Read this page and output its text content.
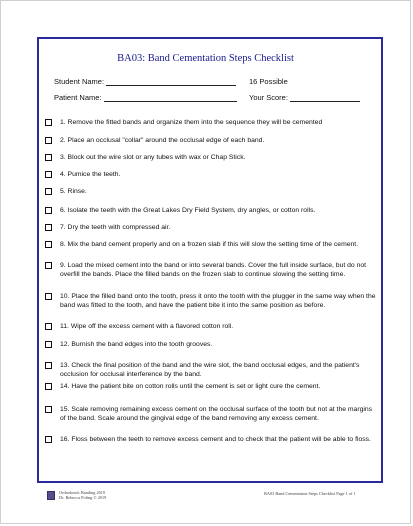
BA03: Band Cementation Steps Checklist
Student Name:	16 Possible
Patient Name:	Your Score:
1. Remove the fitted bands and organize them into the sequence they will be cemented
2. Place an occlusal "collar" around the occlusal edge of each band.
3. Block out the wire slot or any tubes with wax or Chap Stick.
4. Pumice the teeth.
5. Rinse.
6. Isolate the teeth with the Great Lakes Dry Field System, dry angles, or cotton rolls.
7. Dry the teeth with compressed air.
8. Mix the band cement properly and on a frozen slab if this will slow the setting time of the cement.
9. Load the mixed cement into the band or into several bands. Cover the full inside surface, but do not overfill the bands. Place the filled bands on the frozen slab to continue slowing the setting time.
10. Place the filled band onto the tooth, press it onto the tooth with the plugger in the same way when the band was fitted to the tooth, and have the patient bite it into the same position as before.
11. Wipe off the excess cement with a flavored cotton roll.
12. Burnish the band edges into the tooth grooves.
13. Check the final position of the band and the wire slot, the band occlusal edges, and the patient's occlusion for occlusal interference by the band.
14. Have the patient bite on cotton rolls until the cement is set or light cure the cement.
15. Scale removing remaining excess cement on the occlusal surface of the tooth but not at the margins of the band. Scale around the gingival edge of the band removing any excess cement.
16. Floss between the teeth to remove excess cement and to check that the patient will be able to floss.
Orthodontic Banding 2019
Dr. Rebecca Poling © 2019
BA03 Band Cementation Steps Checklist Page 1 of 1
